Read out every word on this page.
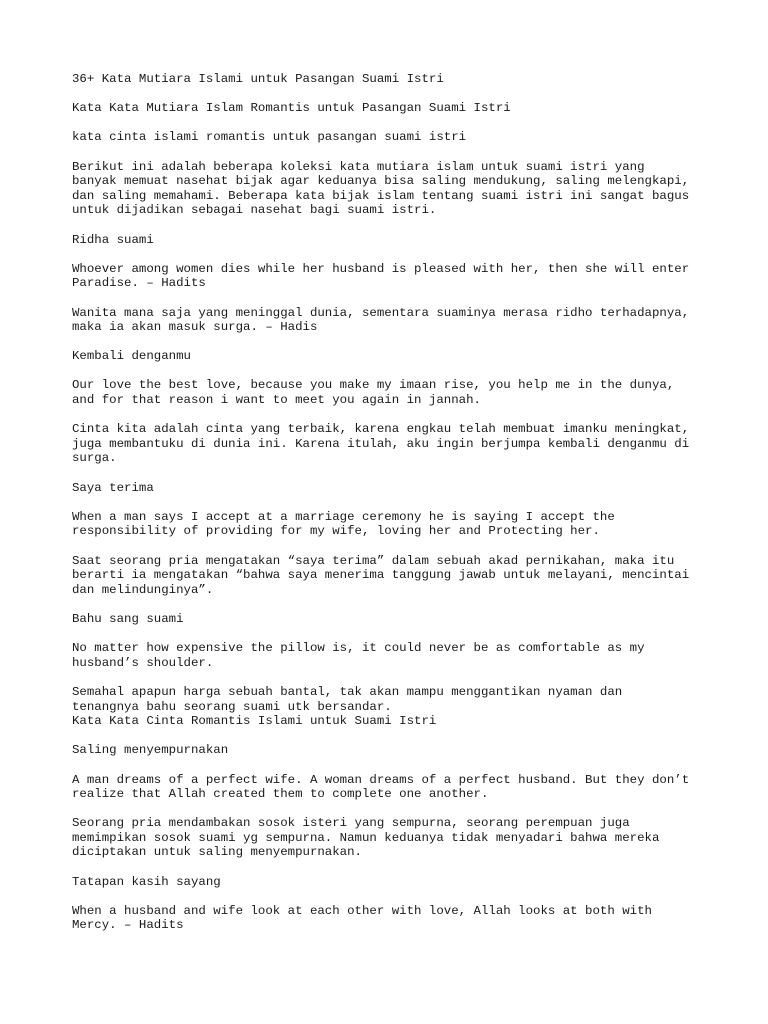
36+ Kata Mutiara Islami untuk Pasangan Suami Istri
Kata Kata Mutiara Islam Romantis untuk Pasangan Suami Istri
kata cinta islami romantis untuk pasangan suami istri
Berikut ini adalah beberapa koleksi kata mutiara islam untuk suami istri yang
banyak memuat nasehat bijak agar keduanya bisa saling mendukung, saling melengkapi,
dan saling memahami. Beberapa kata bijak islam tentang suami istri ini sangat bagus
untuk dijadikan sebagai nasehat bagi suami istri.
Ridha suami
Whoever among women dies while her husband is pleased with her, then she will enter
Paradise. – Hadits
Wanita mana saja yang meninggal dunia, sementara suaminya merasa ridho terhadapnya,
maka ia akan masuk surga. – Hadis
Kembali denganmu
Our love the best love, because you make my imaan rise, you help me in the dunya,
and for that reason i want to meet you again in jannah.
Cinta kita adalah cinta yang terbaik, karena engkau telah membuat imanku meningkat,
juga membantuku di dunia ini. Karena itulah, aku ingin berjumpa kembali denganmu di
surga.
Saya terima
When a man says I accept at a marriage ceremony he is saying I accept the
responsibility of providing for my wife, loving her and Protecting her.
Saat seorang pria mengatakan “saya terima” dalam sebuah akad pernikahan, maka itu
berarti ia mengatakan “bahwa saya menerima tanggung jawab untuk melayani, mencintai
dan melindunginya”.
Bahu sang suami
No matter how expensive the pillow is, it could never be as comfortable as my
husband’s shoulder.
Semahal apapun harga sebuah bantal, tak akan mampu menggantikan nyaman dan
tenangnya bahu seorang suami utk bersandar.
Kata Kata Cinta Romantis Islami untuk Suami Istri
Saling menyempurnakan
A man dreams of a perfect wife. A woman dreams of a perfect husband. But they don’t
realize that Allah created them to complete one another.
Seorang pria mendambakan sosok isteri yang sempurna, seorang perempuan juga
memimpikan sosok suami yg sempurna. Namun keduanya tidak menyadari bahwa mereka
diciptakan untuk saling menyempurnakan.
Tatapan kasih sayang
When a husband and wife look at each other with love, Allah looks at both with
Mercy. – Hadits
